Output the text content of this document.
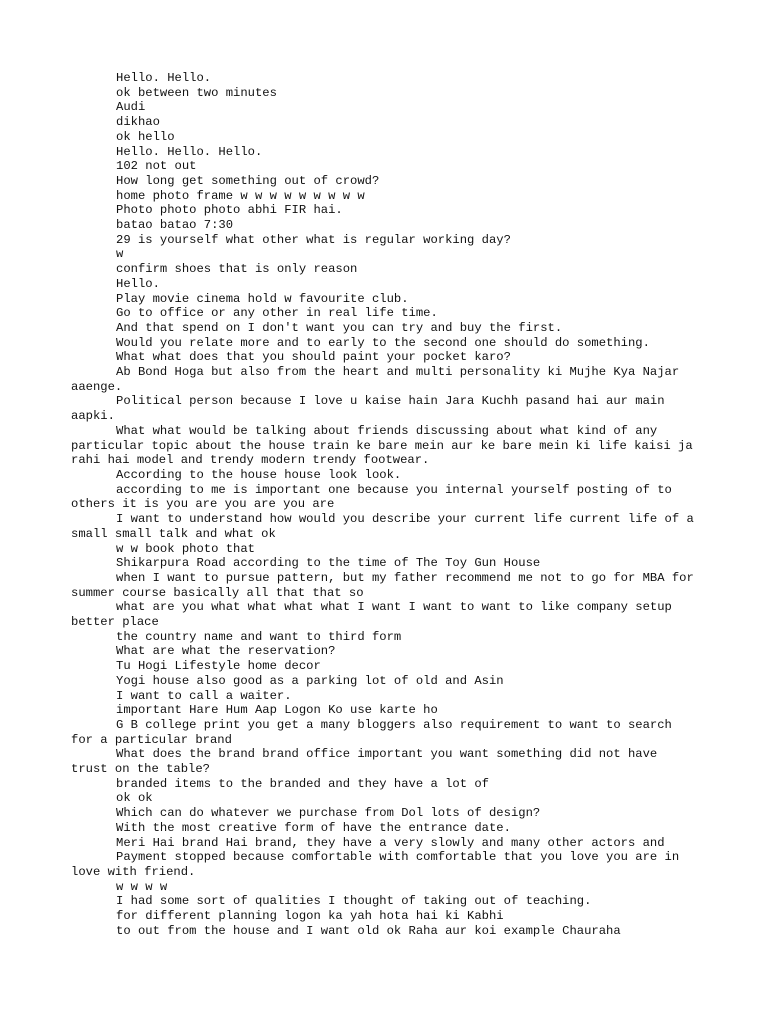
Hello. Hello.

ok between two minutes

Audi

dikhao

ok hello

Hello. Hello. Hello.

102 not out

How long get something out of crowd?

home photo frame w w w w w w w w w

Photo photo photo abhi FIR hai.

batao batao 7:30

29 is yourself what other what is regular working day?

w

confirm shoes that is only reason

Hello.

Play movie cinema hold w favourite club.

Go to office or any other in real life time.

And that spend on I don't want you can try and buy the first.

Would you relate more and to early to the second one should do something.

What what does that you should paint your pocket karo?

Ab Bond Hoga but also from the heart and multi personality ki Mujhe Kya Najar aaenge.

Political person because I love u kaise hain Jara Kuchh pasand hai aur main aapki.

What what would be talking about friends discussing about what kind of any particular topic about the house train ke bare mein aur ke bare mein ki life kaisi ja rahi hai model and trendy modern trendy footwear.

According to the house house look look.

according to me is important one because you internal yourself posting of to others it is you are you are you are

I want to understand how would you describe your current life current life of a small small talk and what ok

w w book photo that

Shikarpura Road according to the time of The Toy Gun House

when I want to pursue pattern, but my father recommend me not to go for MBA for summer course basically all that that so

what are you what what what what I want I want to want to like company setup better place

the country name and want to third form

What are what the reservation?

Tu Hogi Lifestyle home decor

Yogi house also good as a parking lot of old and Asin

I want to call a waiter.

important Hare Hum Aap Logon Ko use karte ho

G B college print you get a many bloggers also requirement to want to search for a particular brand

What does the brand brand office important you want something did not have trust on the table?

branded items to the branded and they have a lot of

ok ok

Which can do whatever we purchase from Dol lots of design?

With the most creative form of have the entrance date.

Meri Hai brand Hai brand, they have a very slowly and many other actors and

Payment stopped because comfortable with comfortable that you love you are in love with friend.

w w w w

I had some sort of qualities I thought of taking out of teaching.

for different planning logon ka yah hota hai ki Kabhi

to out from the house and I want old ok Raha aur koi example Chauraha
